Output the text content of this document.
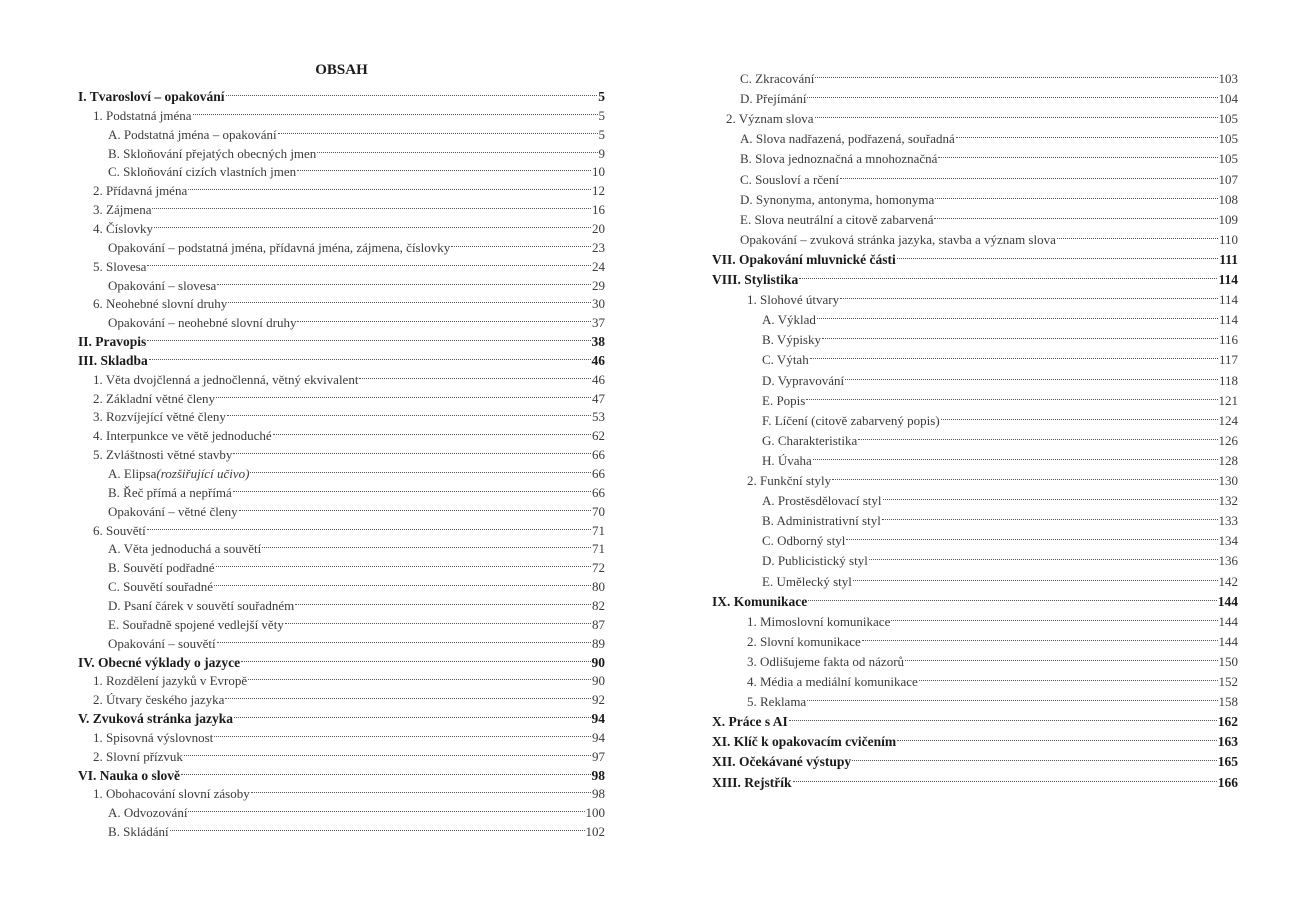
OBSAH
I. Tvarosloví – opakování	5
1. Podstatná jména	5
A. Podstatná jména – opakování	5
B. Skloňování přejatých obecných jmen	9
C. Skloňování cizích vlastních jmen	10
2. Přídavná jména	12
3. Zájmena	16
4. Číslovky	20
Opakování – podstatná jména, přídavná jména, zájmena, číslovky	23
5. Slovesa	24
Opakování – slovesa	29
6. Neohebné slovní druhy	30
Opakování – neohebné slovní druhy	37
II. Pravopis	38
III. Skladba	46
1. Věta dvojčlenná a jednočlenná, větný ekvivalent	46
2. Základní větné členy	47
3. Rozvíjející větné členy	53
4. Interpunkce ve větě jednoduché	62
5. Zvláštnosti větné stavby	66
A. Elipsa (rozšiřující učivo)	66
B. Řeč přímá a nepřímá	66
Opakování – větné členy	70
6. Souvětí	71
A. Věta jednoduchá a souvětí	71
B. Souvětí podřadné	72
C. Souvětí souřadné	80
D. Psaní čárek v souvětí souřadném	82
E. Souřadně spojené vedlejší věty	87
Opakování – souvětí	89
IV. Obecné výklady o jazyce	90
1. Rozdělení jazyků v Evropě	90
2. Útvary českého jazyka	92
V. Zvuková stránka jazyka	94
1. Spisovná výslovnost	94
2. Slovní přízvuk	97
VI. Nauka o slově	98
1. Obohacování slovní zásoby	98
A. Odvozování	100
B. Skládání	102
C. Zkracování	103
D. Přejímání	104
2. Význam slova	105
A. Slova nadřazená, podřazená, souřadná	105
B. Slova jednoznačná a mnohoznačná	105
C. Sousloví a rčení	107
D. Synonyma, antonyma, homonyma	108
E. Slova neutrální a citově zabarvená	109
Opakování – zvuková stránka jazyka, stavba a význam slova	110
VII. Opakování mluvnické části	111
VIII. Stylistika	114
1. Slohové útvary	114
A. Výklad	114
B. Výpisky	116
C. Výtah	117
D. Vypravování	118
E. Popis	121
F. Líčení (citově zabarvený popis)	124
G. Charakteristika	126
H. Úvaha	128
2. Funkční styly	130
A. Prostěsdělovací styl	132
B. Administrativní styl	133
C. Odborný styl	134
D. Publicistický styl	136
E. Umělecký styl	142
IX. Komunikace	144
1. Mimoslovní komunikace	144
2. Slovní komunikace	144
3. Odlišujeme fakta od názorů	150
4. Média a mediální komunikace	152
5. Reklama	158
X. Práce s AI	162
XI. Klíč k opakovacím cvičením	163
XII. Očekávané výstupy	165
XIII. Rejstřík	166
